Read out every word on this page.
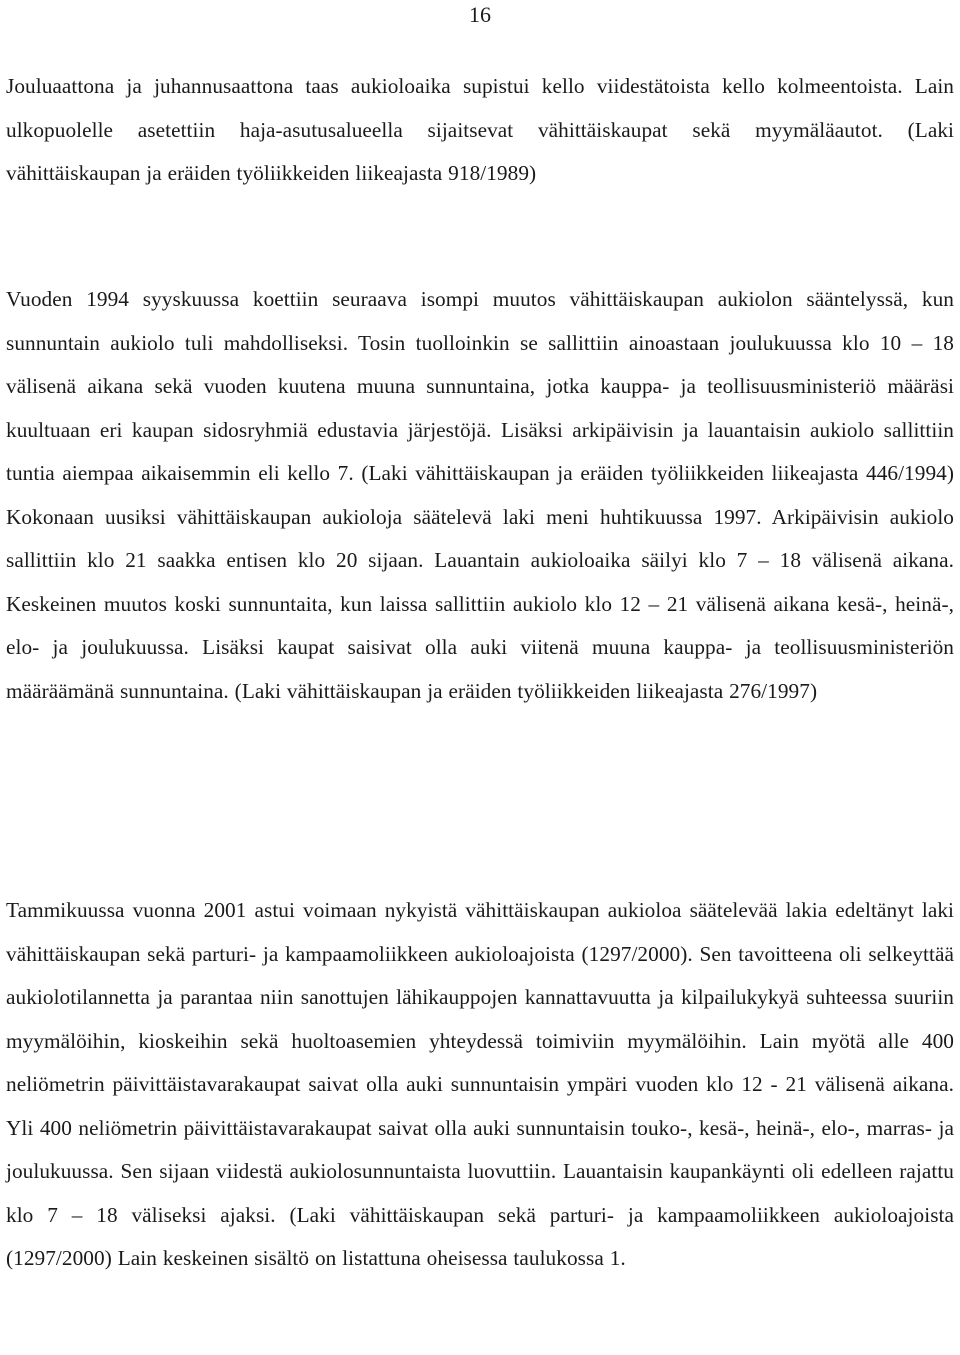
16

Jouluaattona ja juhannusaattona taas aukioloaika supistui kello viidestätoista kello kolmeentoista. Lain ulkopuolelle asetettiin haja-asutusalueella sijaitsevat vähittäiskaupat sekä myymäläautot. (Laki vähittäiskaupan ja eräiden työliikkeiden liikeajasta 918/1989)

Vuoden 1994 syyskuussa koettiin seuraava isompi muutos vähittäiskaupan aukiolon sääntelyssä, kun sunnuntain aukiolo tuli mahdolliseksi. Tosin tuolloinkin se sallittiin ainoastaan joulukuussa klo 10 – 18 välisenä aikana sekä vuoden kuutena muuna sunnuntaina, jotka kauppa- ja teollisuusministeriö määräsi kuultuaan eri kaupan sidosryhmiä edustavia järjestöjä. Lisäksi arkipäivisin ja lauantaisin aukiolo sallittiin tuntia aiempaa aikaisemmin eli kello 7. (Laki vähittäiskaupan ja eräiden työliikkeiden liikeajasta 446/1994) Kokonaan uusiksi vähittäiskaupan aukioloja säätelevä laki meni huhtikuussa 1997. Arkipäivisin aukiolo sallittiin klo 21 saakka entisen klo 20 sijaan. Lauantain aukioloaika säilyi klo 7 – 18 välisenä aikana. Keskeinen muutos koski sunnuntaita, kun laissa sallittiin aukiolo klo 12 – 21 välisenä aikana kesä-, heinä-, elo- ja joulukuussa. Lisäksi kaupat saisivat olla auki viitenä muuna kauppa- ja teollisuusministeriön määräämänä sunnuntaina. (Laki vähittäiskaupan ja eräiden työliikkeiden liikeajasta 276/1997)

Tammikuussa vuonna 2001 astui voimaan nykyistä vähittäiskaupan aukioloa säätelevää lakia edeltänyt laki vähittäiskaupan sekä parturi- ja kampaamoliikkeen aukioloajoista (1297/2000). Sen tavoitteena oli selkeyttää aukiolotilannetta ja parantaa niin sanottujen lähikauppojen kannattavuutta ja kilpailukykyä suhteessa suuriin myymälöihin, kioskeihin sekä huoltoasemien yhteydessä toimiviin myymälöihin. Lain myötä alle 400 neliömetrin päivittäistavarakaupat saivat olla auki sunnuntaisin ympäri vuoden klo 12 - 21 välisenä aikana. Yli 400 neliömetrin päivittäistavarakaupat saivat olla auki sunnuntaisin touko-, kesä-, heinä-, elo-, marras- ja joulukuussa. Sen sijaan viidestä aukiolosunnuntaista luovuttiin. Lauantaisin kaupankäynti oli edelleen rajattu klo 7 – 18 väliseksi ajaksi. (Laki vähittäiskaupan sekä parturi- ja kampaamoliikkeen aukioloajoista (1297/2000) Lain keskeinen sisältö on listattuna oheisessa taulukossa 1.
